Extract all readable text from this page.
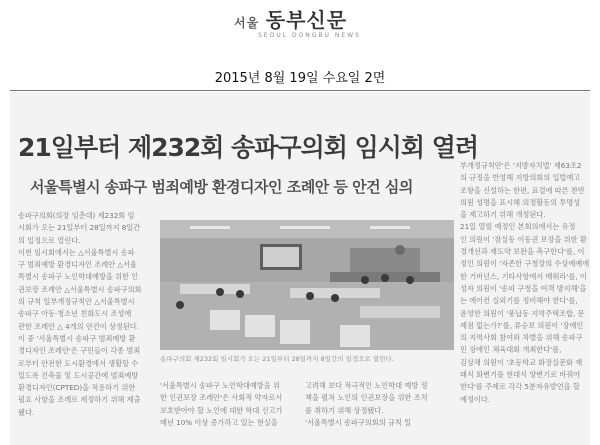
서울 동부신문
SEOUL DONGBU NEWS
2015년 8월 19일 수요일 2면
21일부터 제232회 송파구의회 임시회 열려
서울특별시 송파구 범죄예방 환경디자인 조례안 등 안건 심의

송파구의회(의장 임춘대) 제232회 임

시회가 오는 21일부터 28일까지 8일간

의 일정으로 열린다.

이번 임시회에서는 △서울특별시 송파

구 범죄예방 환경디자인 조례안 △서울

특별시 송파구 노인학대예방을 위한 인

권보장 조례안 △서울특별시 송파구의회

의 규칙 일부개정규칙안 △서울특별시

송파구 아동·청소년 친화도시 조성에

관한 조례안 △ 4개의 안건이 상정된다.

이 중 '서울특별시 송파구 범죄예방 환

경디자인 조례안'은 구민들이 각종 범죄

로부터 안전한 도시환경에서 생활할 수

있도록 건축물 및 도시공간에 범죄예방

환경디자인(CPTED)을 적용하기 위한

필요 사항을 조례로 제정하기 위해 제출

됐다.

송파구의회 제232회 임시회가 오는 21일부터 28일까지 8일간의 일정으로 열린다.

'서울특별시 송파구 노인학대예방을 위

한 인권보장 조례안'은 사회적 약자로서

보호받아야 할 노인에 대한 학대 신고가

매년 10% 이상 증가하고 있는 현실을

고려해 보다 적극적인 노인학대 예방 정

책을 펼쳐 노인의 인권보장을 위한 조치

를 취하기 위해 상정됐다.

'서울특별시 송파구의회의 규칙 일

부개정규칙안'은 '지방자치법' 제63조2

의 규정을 반영해 지방의회의 입법예고

조항을 신설하는 한편, 표결에 따른 찬반

의원 성명을 표시해 의정활동의 투명성

을 제고하기 위해 개정된다.

21일 열릴 예정인 본회의에서는 유정

인 의원이 '잠실동 이동권 보장을 위한 환

경개선과 재도약 보완을 촉구한다'를, 이

정인 의원이 '자존한 구청장의 수상예예에

한 거버넌스, 기타사항에서 배워라'를, 이

성자 의원이 '송파 구청을 여객 방지해'을

는 에어컨 실외기를 정비해야 한다'를,

윤영한 의원이 '풍납동 지역주택조합, 문

제점 없는가?'를, 류승보 의원이 '장애인

의 지역사회 참여와 차별을 위해 송파구

민 장애인 체육대회 개최한다'를,

김상채 의원이 '초등학교 화장실문화 재

래식 화변기를 현대식 양변기로 바꿔야

한다'를 주제로 각각 5분자유발언을 할

예정이다.
